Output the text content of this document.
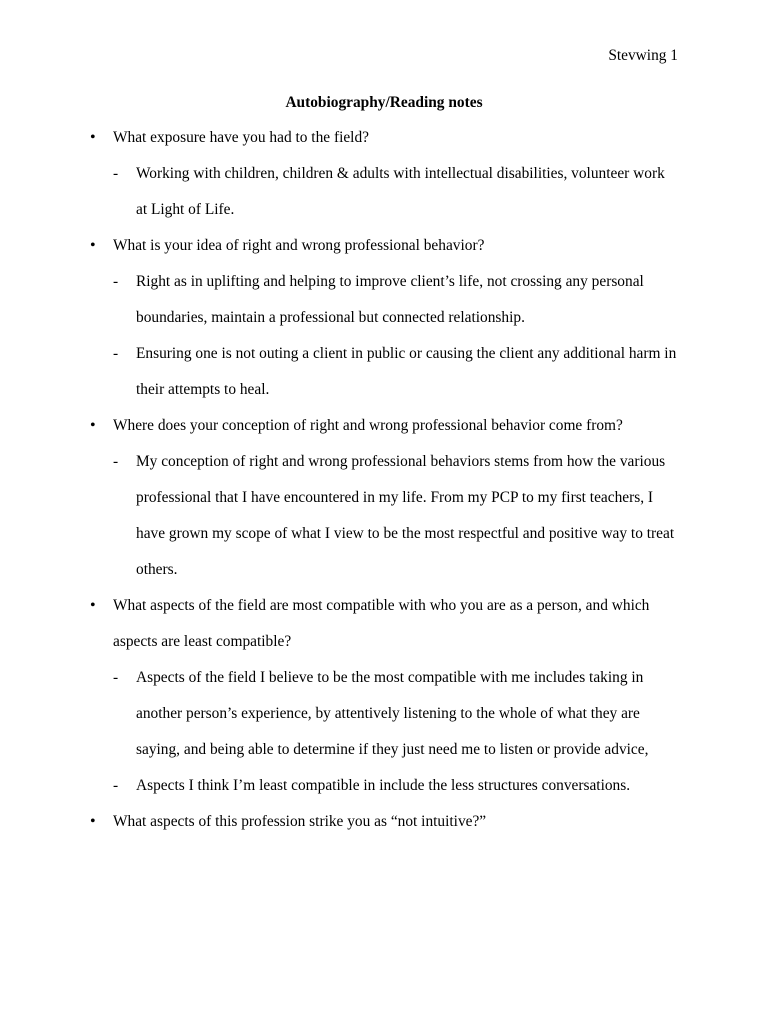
Stevwing 1
Autobiography/Reading notes
• What exposure have you had to the field?
- Working with children, children & adults with intellectual disabilities, volunteer work at Light of Life.
• What is your idea of right and wrong professional behavior?
- Right as in uplifting and helping to improve client’s life, not crossing any personal boundaries, maintain a professional but connected relationship.
- Ensuring one is not outing a client in public or causing the client any additional harm in their attempts to heal.
• Where does your conception of right and wrong professional behavior come from?
- My conception of right and wrong professional behaviors stems from how the various professional that I have encountered in my life. From my PCP to my first teachers, I have grown my scope of what I view to be the most respectful and positive way to treat others.
• What aspects of the field are most compatible with who you are as a person, and which aspects are least compatible?
- Aspects of the field I believe to be the most compatible with me includes taking in another person’s experience, by attentively listening to the whole of what they are saying, and being able to determine if they just need me to listen or provide advice,
- Aspects I think I’m least compatible in include the less structures conversations.
• What aspects of this profession strike you as “not intuitive?”
